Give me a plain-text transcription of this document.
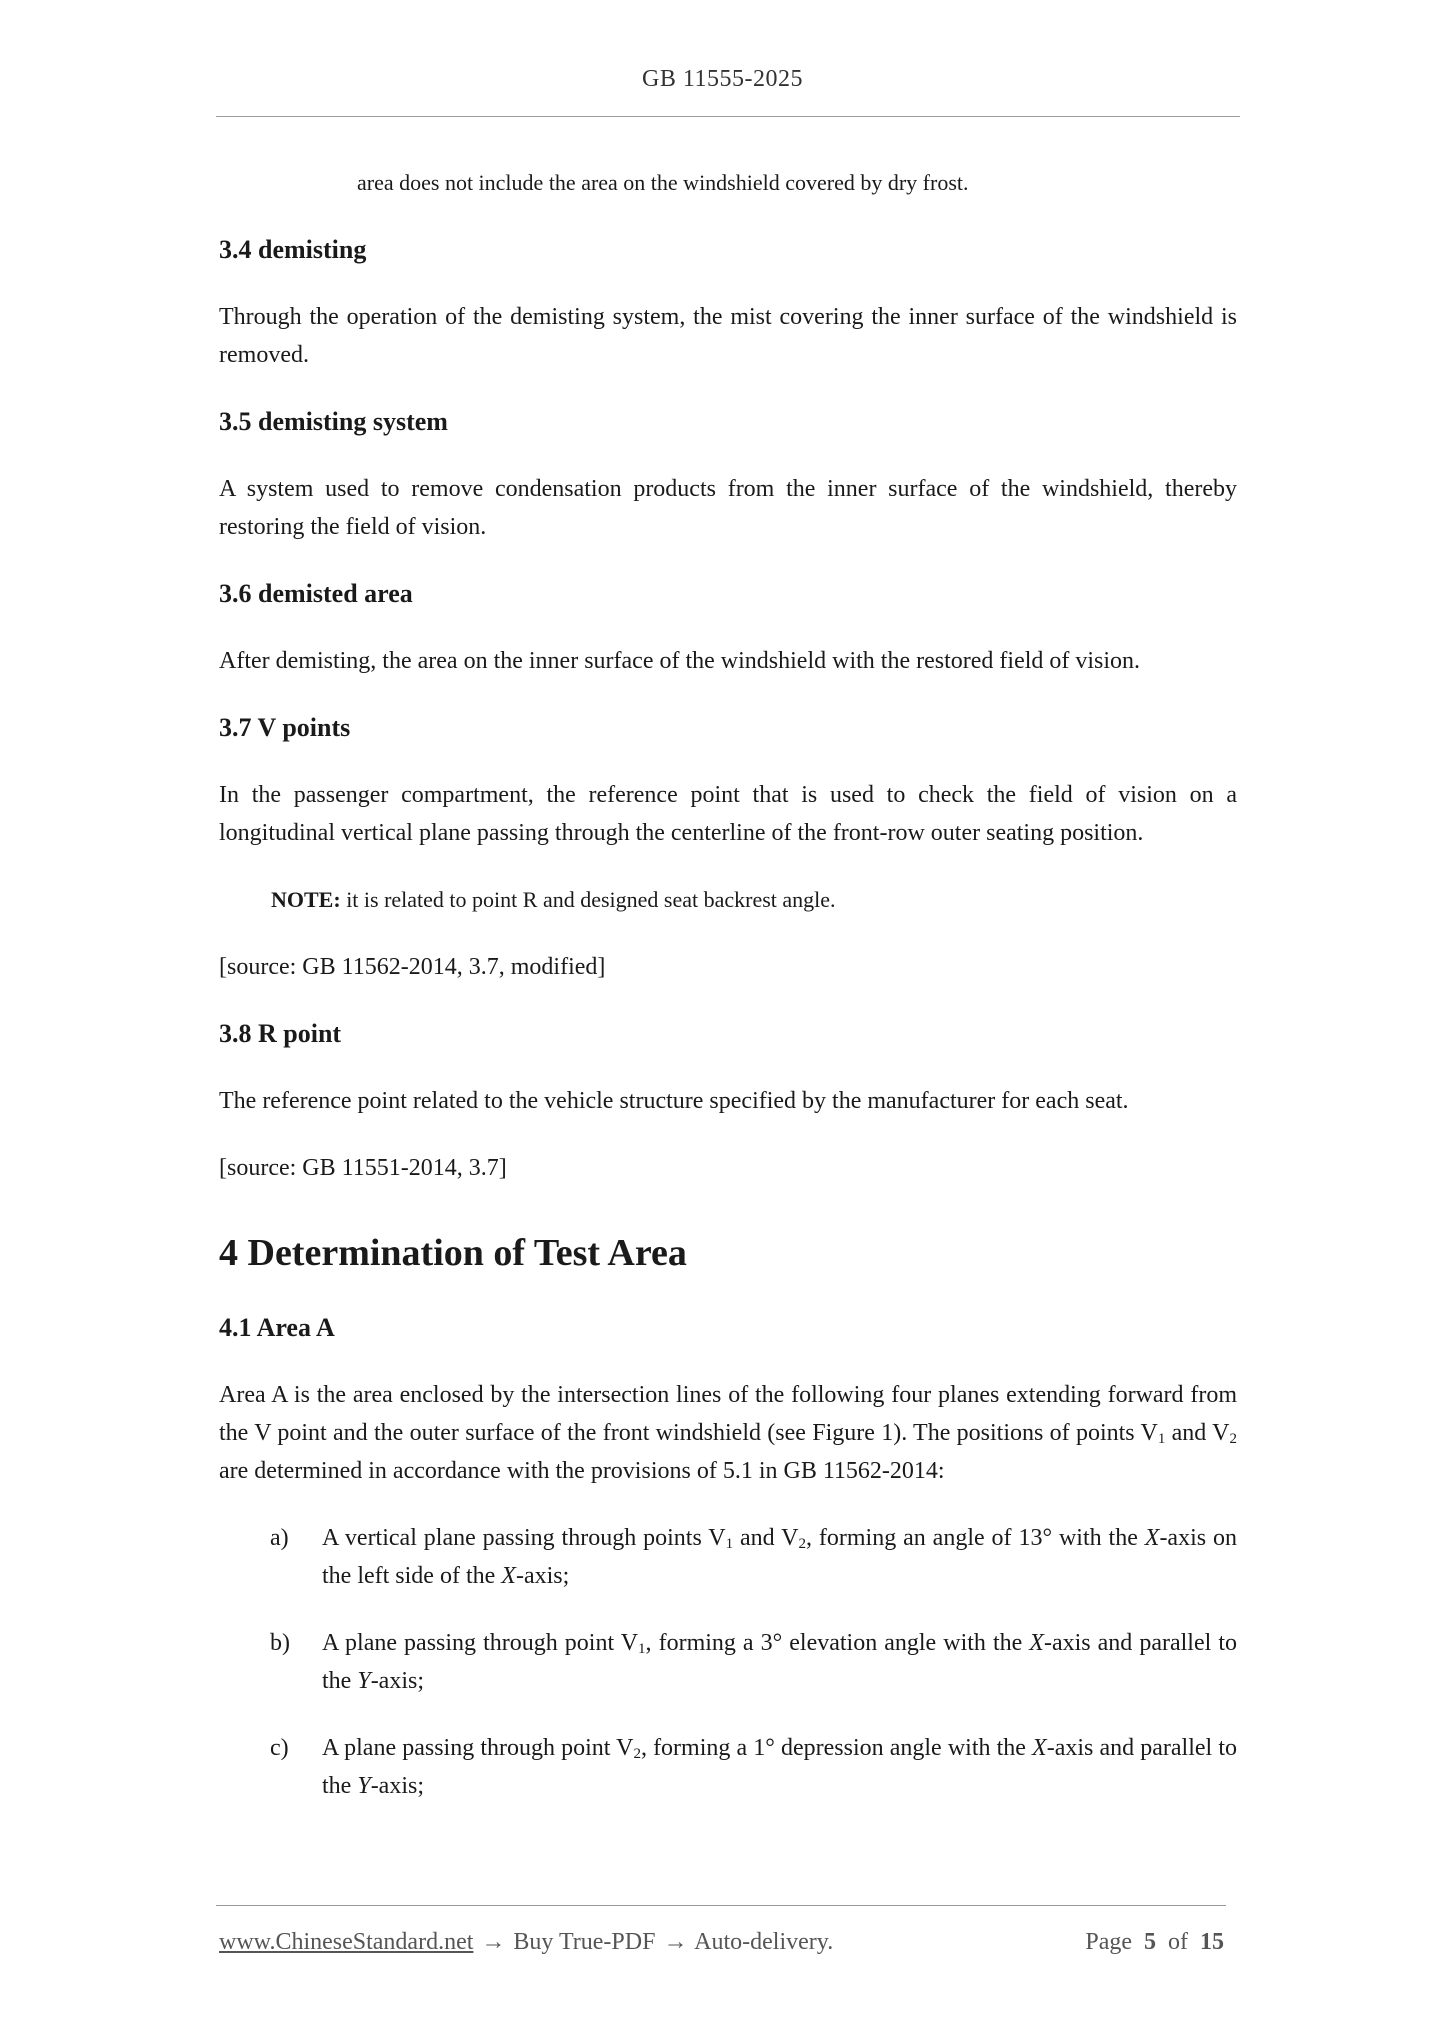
GB 11555-2025

area does not include the area on the windshield covered by dry frost.

3.4 demisting

Through the operation of the demisting system, the mist covering the inner surface of the windshield is removed.

3.5 demisting system

A system used to remove condensation products from the inner surface of the windshield, thereby restoring the field of vision.

3.6 demisted area

After demisting, the area on the inner surface of the windshield with the restored field of vision.

3.7 V points

In the passenger compartment, the reference point that is used to check the field of vision on a longitudinal vertical plane passing through the centerline of the front-row outer seating position.

NOTE: it is related to point R and designed seat backrest angle.

[source: GB 11562-2014, 3.7, modified]

3.8 R point

The reference point related to the vehicle structure specified by the manufacturer for each seat.

[source: GB 11551-2014, 3.7]

4 Determination of Test Area
4.1 Area A

Area A is the area enclosed by the intersection lines of the following four planes extending forward from the V point and the outer surface of the front windshield (see Figure 1). The positions of points $V_1$ and $V_2$ are determined in accordance with the provisions of 5.1 in GB 11562-2014:

a)	A vertical plane passing through points $V_1$ and $V_2$, forming an angle of 13° with the X-axis on the left side of the X-axis;
b)	A plane passing through point $V_1$, forming a 3° elevation angle with the X-axis and parallel to the Y-axis;
c)	A plane passing through point $V_2$, forming a 1° depression angle with the X-axis and parallel to the Y-axis;
www.ChineseStandard.net → Buy True-PDF → Auto-delivery.	Page 5 of 15
